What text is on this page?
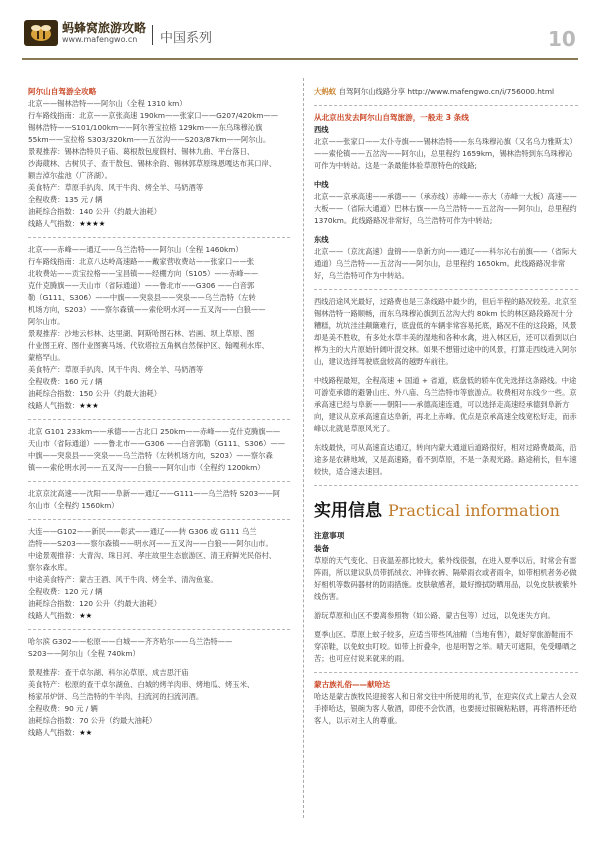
蚂蜂窝旅游攻略
www.mafengwo.cn	中国系列	10
阿尔山自驾游全攻略

北京——锡林浩特——阿尔山（全程 1310 km）

行车路线指南：北京——京张高速 190km——张家口——G207/420km——

锡林浩特——S101/100km——阿尔善宝拉格 129km——东乌珠穆沁旗

55km——宝拉格 S303/320km——五岔沟——S203/87km——阿尔山。

景观推荐：锡林浩特贝子庙、葛根敖包度假村、锡林九曲、平台落日、

沙海葳林、古树贝子、查干敖包、锡林余韵、锡林郭草原珠恩嘎达布其口岸、

额吉淖尔盐池（广济湖）。

美食特产：草原手扒肉、风干牛肉、烤全羊、马奶酒等

全程收费：135 元 / 辆

油耗综合指数：140 公升（约最大油耗）

线路人气指数：★★★★

北京——赤峰——通辽——乌兰浩特——阿尔山（全程 1460km）

行车路线指南：北京八达岭高速路——戴家营收费站——张家口——张

北收费站——贡宝拉格——宝昌镇——经棚方向（S105）——赤峰——

克什克腾旗——天山市（省际通道）——鲁北市——G306 ——白音郭

勒（G111、S306）——中旗——突泉县——突泉——乌兰浩特（左转

机场方向，S203）——察尔森镇——索伦明水河——五叉沟——白狼——

阿尔山市。

景观推荐：沙地云杉林、达里湖、阿斯哈图石林、岩画、坝上草原、图

什业图王府、图什业图赛马场、代钦塔拉五角枫自然保护区、翰嘎利水库、

蒙格罕山。

美食特产：草原手扒肉、风干牛肉、烤全羊、马奶酒等

全程收费：160 元 / 辆

油耗综合指数：150 公升（约最大油耗）

线路人气指数：★★★

北京 G101 233km——承德——古北口 250km——赤峰——克什克腾旗——

天山市（省际通道）——鲁北市——G306 ——白音郭勒（G111、S306）——

中旗——突泉县——突泉——乌兰浩特（左转机场方向，S203）——察尔森

镇——索伦明水河——五叉沟——白狼——阿尔山市（全程约 1200km）

北京京沈高速——沈阳——阜新——通辽——G111——乌兰浩特 S203——阿

尔山市（全程约 1560km）

大连——G102——新民——彰武——通辽——转 G306 或 G111 乌兰

浩特——S203——察尔森镇——明水河——五叉沟——白狼——阿尔山市。

中途景观推荐：大青沟、珠日河、孝庄故里生态旅游区、清王府鲜光民俗村、

察尔森水库。

中途美食特产：蒙古王酒、风干牛肉、烤全羊、清沟鱼宴。

全程收费：120 元 / 辆

油耗综合指数：120 公升（约最大油耗）

线路人气指数：★★

哈尔滨 G302——松原——白城——齐齐哈尔——乌兰浩特——

S203——阿尔山（全程 740km）

景观推荐：查干卓尔湖、科尔沁草原、成吉思汗庙

美食特产：松原的查干卓尔湖鱼、白城的烤羊肉串、烤地瓜、烤玉米、

杨家吊炉饼、乌兰浩特的牛羊肉、扫流河的扫流河酒。

全程收费：90 元 / 辆

油耗综合指数：70 公升（约最大油耗）

线路人气指数：★★

大蚂蚁 自驾阿尔山线路分享 http://www.mafengwo.cn/i/756000.html
从北京出发去阿尔山自驾旅游，一般走 3 条线

西线

北京——张家口——太仆寺旗——锡林浩特——东乌珠穆沁旗（又名乌力雅斯太）——索伦镇——五岔沟——阿尔山，总里程约 1659km，锡林浩特到东乌珠穆沁可作为中转站。这是一条最能体验草原特色的线路;

中线

北京——京承高速——承德——（承赤线）赤峰——赤大（赤峰一大板）高速——大板——（省际大通道）巴林右旗——乌兰浩特——五岔沟——阿尔山，总里程约 1370km。此线路路况非常好，乌兰浩特可作为中转站;

东线

北京——（京沈高速）盘锦——阜新方向——通辽——科尔沁右前旗——（省际大通道）乌兰浩特——五岔沟——阿尔山，总里程约 1650km。此线路路况非常好，乌兰浩特可作为中转站。

西线沿途风光最好，过路费也是三条线路中最少的，但后半程的路况较差。北京至锡林浩特一路顺畅，而东乌珠穆沁旗到五岔沟大约 80km 长的林区路段路况十分糟糕，坑坑洼洼颠簸难行，底盘低的车辆非常容易托底，路况不佳的这段路，风景却是美不胜收，有多处水草丰美的湿地和各种水禽，进入林区后，还可以看到以白桦为主的大片原始针阔叶混交林。如果不想错过途中的风景，打算走西线进入阿尔山，建议选择驾驶底盘较高的越野车前往。

中线路程最短，全程高速 + 国道 + 省道，底盘低的轿车优先选择这条路线。中途可游览承德的避暑山庄、外八庙、乌兰浩特市等旅游点。收费相对东线少一些。京承高速已经与阜新——朝阳——承德高速连通，可以选择走高速经承德到阜新方向，建议从京承高速直达阜新，再北上赤峰。优点是京承高速全线宽松好走，而赤峰以北就是草原风光了。

东线最快，可从高速直达通辽，转向内蒙大通道后道路很好，相对过路费最高，沿途多是农耕地域，又是高速路，看不到草原，不是一条观光路。路途稍长，但车速较快，适合速去速回。

实用信息 Practical information
注意事项
装备

草原的天气变化、日夜温差都比较大，紫外线很强，在进入夏季以后，时常会有雷阵雨，所以建议队员带抓绒衣、冲锋衣裤、隔晕雨衣或者雨伞，如带相机者务必做好相机等数码器材的防雨措施。皮肤敏感者，最好擦拭防晒用品，以免皮肤被紫外线伤害。

游玩草原和山区不要离参照物（如公路、蒙古包等）过远，以免迷失方向。

夏季山区、草原上蚊子较多，应适当带些风油精（当地有售），最好穿旅游鞋而不穿凉鞋，以免蚊虫叮咬。如带上折叠伞，也是明智之举。晴天可遮阳，免受曝晒之苦；也可应付说来就来的雨。

蒙古族礼俗——献哈达
哈达是蒙古族牧民迎接客人和日常交往中所使用的礼节，在迎宾仪式上蒙古人会双手捧哈达，银碗为客人敬酒，即使不会饮酒，也要接过银碗粘粘唇，再将酒杯还给客人，以示对主人的尊重。
